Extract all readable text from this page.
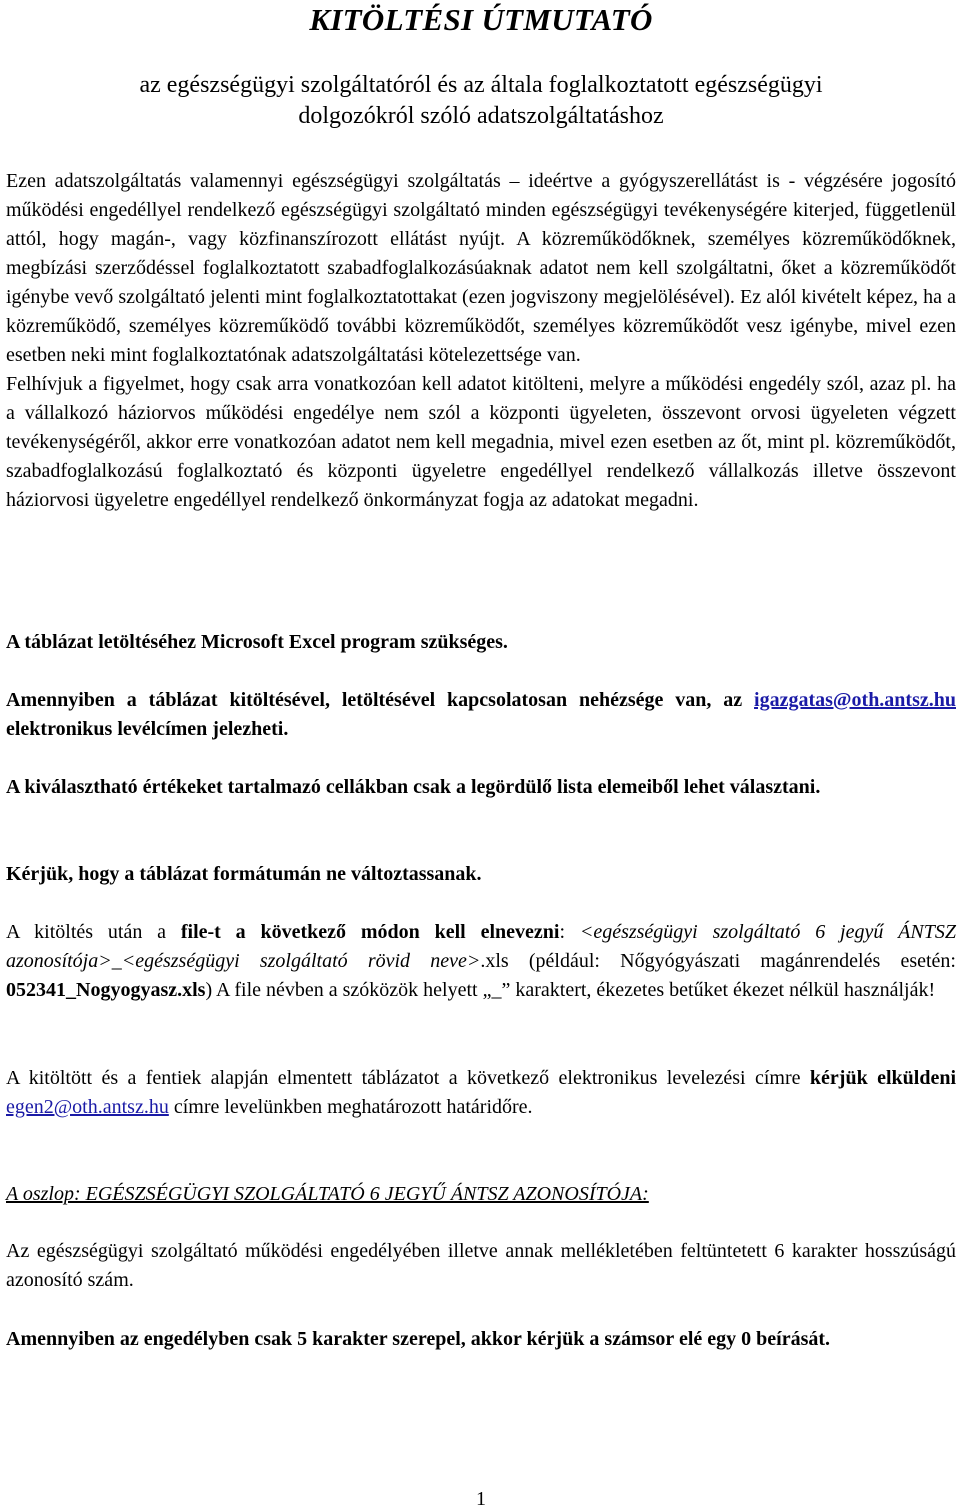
KITÖLTÉSI ÚTMUTATÓ
az egészségügyi szolgáltatóról és az általa foglalkoztatott egészségügyi
dolgozókról szóló adatszolgáltatáshoz

Ezen adatszolgáltatás valamennyi egészségügyi szolgáltatás – ideértve a gyógyszerellátást is - végzésére jogosító működési engedéllyel rendelkező egészségügyi szolgáltató minden egészségügyi tevékenységére kiterjed, függetlenül attól, hogy magán-, vagy közfinanszírozott ellátást nyújt. A közreműködőknek, személyes közreműködőknek, megbízási szerződéssel foglalkoztatott szabadfoglalkozásúaknak adatot nem kell szolgáltatni, őket a közreműködőt igénybe vevő szolgáltató jelenti mint foglalkoztatottakat (ezen jogviszony megjelölésével). Ez alól kivételt képez, ha a közreműködő, személyes közreműködő további közreműködőt, személyes közreműködőt vesz igénybe, mivel ezen esetben neki mint foglalkoztatónak adatszolgáltatási kötelezettsége van.

Felhívjuk a figyelmet, hogy csak arra vonatkozóan kell adatot kitölteni, melyre a működési engedély szól, azaz pl. ha a vállalkozó háziorvos működési engedélye nem szól a központi ügyeleten, összevont orvosi ügyeleten végzett tevékenységéről, akkor erre vonatkozóan adatot nem kell megadnia, mivel ezen esetben az őt, mint pl. közreműködőt, szabadfoglalkozású foglalkoztató és központi ügyeletre engedéllyel rendelkező vállalkozás illetve összevont háziorvosi ügyeletre engedéllyel rendelkező önkormányzat fogja az adatokat megadni.

A táblázat letöltéséhez Microsoft Excel program szükséges.

Amennyiben a táblázat kitöltésével, letöltésével kapcsolatosan nehézsége van, az igazgatas@oth.antsz.hu elektronikus levélcímen jelezheti.

A kiválasztható értékeket tartalmazó cellákban csak a legördülő lista elemeiből lehet választani.

Kérjük, hogy a táblázat formátumán ne változtassanak.

A kitöltés után a file-t a következő módon kell elnevezni: <egészségügyi szolgáltató 6 jegyű ÁNTSZ azonosítója>_<egészségügyi szolgáltató rövid neve>.xls (például: Nőgyógyászati magánrendelés esetén: 052341_Nogyogyasz.xls) A file névben a szóközök helyett „_” karaktert, ékezetes betűket ékezet nélkül használják!

A kitöltött és a fentiek alapján elmentett táblázatot a következő elektronikus levelezési címre kérjük elküldeni egen2@oth.antsz.hu címre levelünkben meghatározott határidőre.

A oszlop: EGÉSZSÉGÜGYI SZOLGÁLTATÓ 6 JEGYŰ ÁNTSZ AZONOSÍTÓJA:

Az egészségügyi szolgáltató működési engedélyében illetve annak mellékletében feltüntetett 6 karakter hosszúságú azonosító szám.

Amennyiben az engedélyben csak 5 karakter szerepel, akkor kérjük a számsor elé egy 0 beírását.

1
